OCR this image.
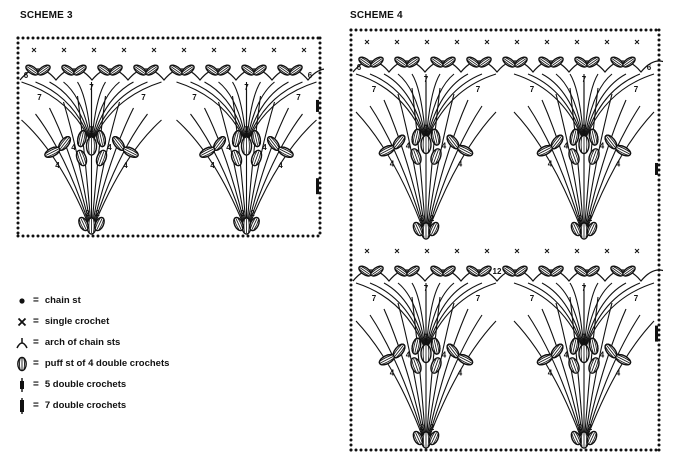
SCHEME 3	SCHEME 4
3
4	4
4	4
2 2
7	7
7
3
4	4
4	4
2 2
7	7
7
6	6
3
4	4
4	4
2 2
7	7
7
3
4	4
4	4
2 2
7	7
7
3
4	4
4	4
2 2
7	7
7
3
4	4
4	4
2 2
7	7
7
6	6
12
= chain st
= single crochet
= arch of chain sts
= puff st of 4 double crochets
= 5 double crochets
= 7 double crochets
